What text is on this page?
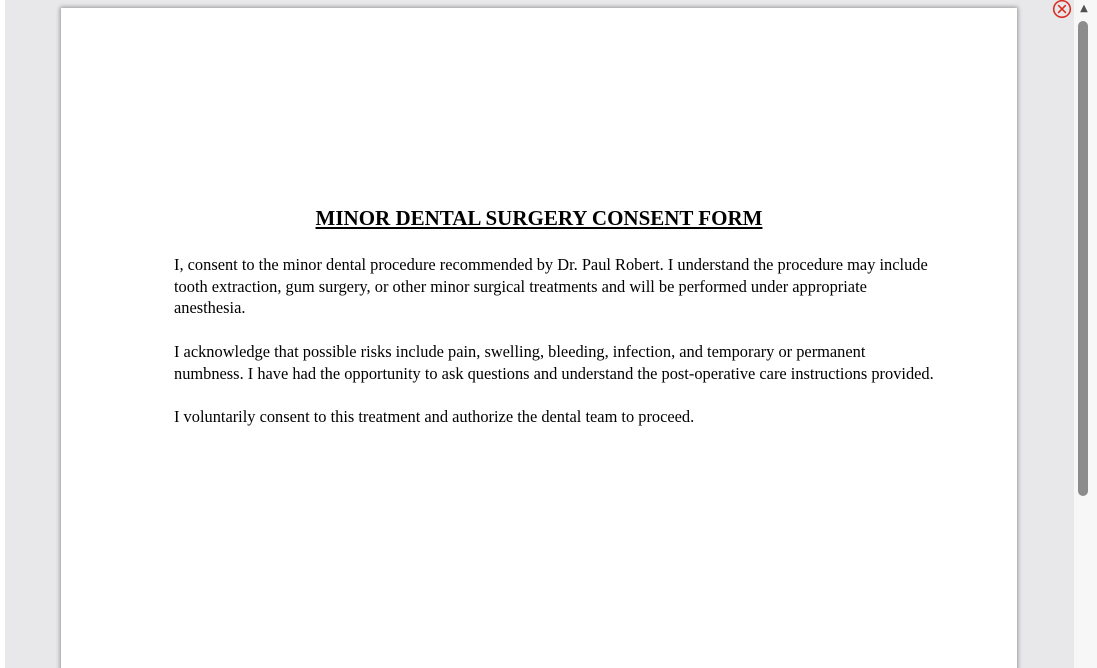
MINOR DENTAL SURGERY CONSENT FORM

I, consent to the minor dental procedure recommended by Dr. Paul Robert. I understand the procedure may include tooth extraction, gum surgery, or other minor surgical treatments and will be performed under appropriate anesthesia.

I acknowledge that possible risks include pain, swelling, bleeding, infection, and temporary or permanent numbness. I have had the opportunity to ask questions and understand the post-operative care instructions provided.

I voluntarily consent to this treatment and authorize the dental team to proceed.

▲
